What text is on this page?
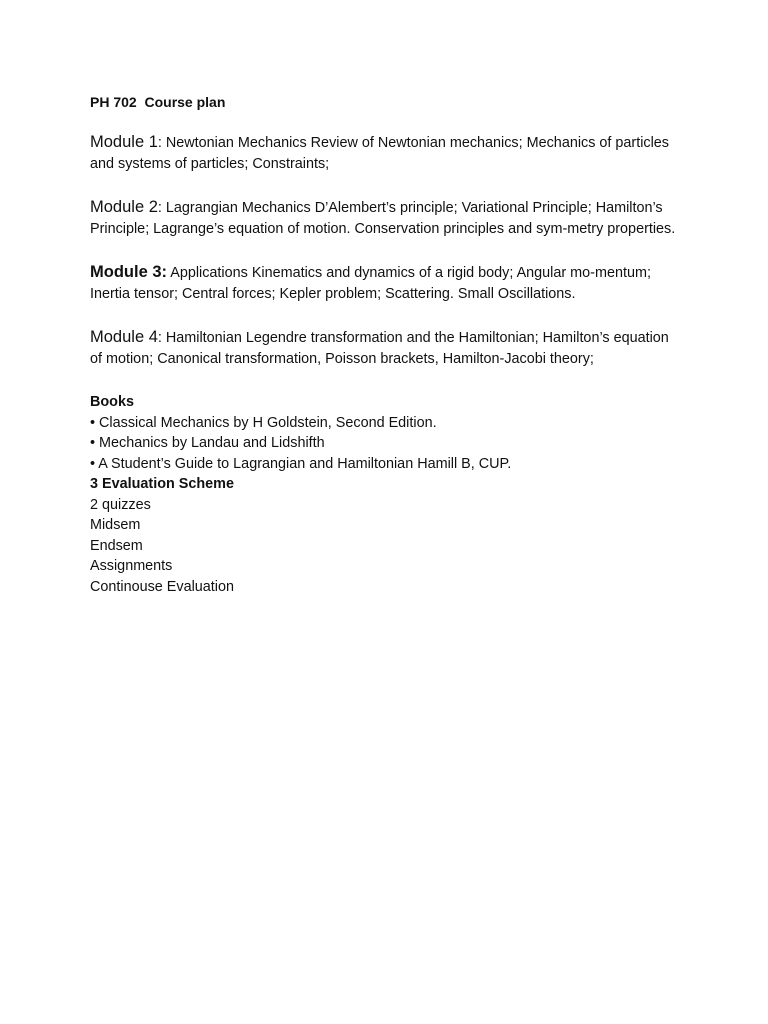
PH 702  Course plan
Module 1: Newtonian Mechanics Review of Newtonian mechanics; Mechanics of particles and systems of particles; Constraints;
Module 2: Lagrangian Mechanics D’Alembert’s principle; Variational Principle; Hamilton’s Principle; Lagrange’s equation of motion. Conservation principles and sym-metry properties.
Module 3: Applications Kinematics and dynamics of a rigid body; Angular mo-mentum; Inertia tensor; Central forces; Kepler problem; Scattering. Small Oscillations.
Module 4: Hamiltonian Legendre transformation and the Hamiltonian; Hamilton’s equation of motion; Canonical transformation, Poisson brackets, Hamilton-Jacobi theory;
Books
• Classical Mechanics by H Goldstein, Second Edition.
• Mechanics by Landau and Lidshifth
• A Student’s Guide to Lagrangian and Hamiltonian Hamill B, CUP.
3 Evaluation Scheme
2 quizzes
Midsem
Endsem
Assignments
Continouse Evaluation
